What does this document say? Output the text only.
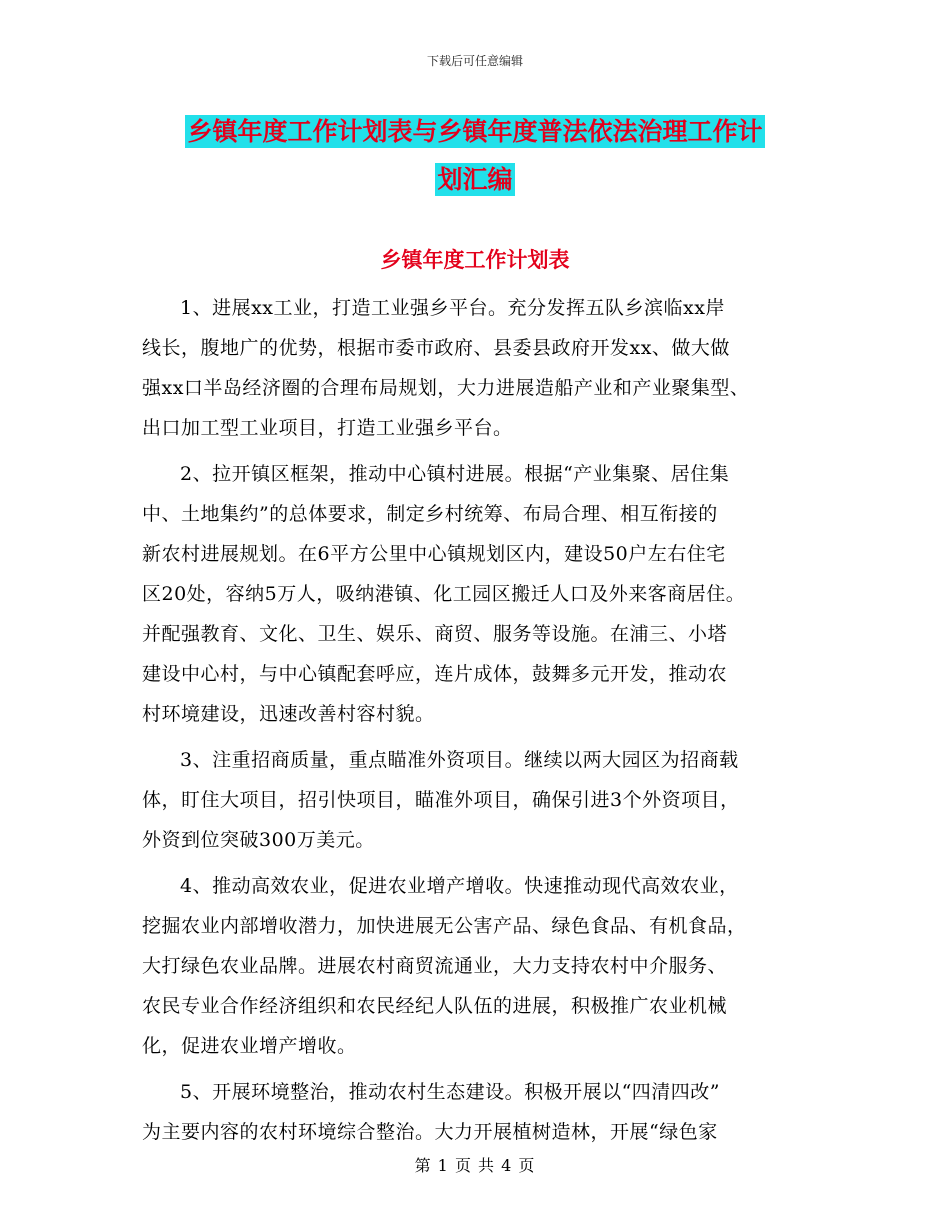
下载后可任意编辑
乡镇年度工作计划表与乡镇年度普法依法治理工作计
划汇编
乡镇年度工作计划表

1、进展xx工业，打造工业强乡平台。充分发挥五队乡滨临xx岸

线长，腹地广的优势，根据市委市政府、县委县政府开发xx、做大做

强xx口半岛经济圈的合理布局规划，大力进展造船产业和产业聚集型、

出口加工型工业项目，打造工业强乡平台。

2、拉开镇区框架，推动中心镇村进展。根据“产业集聚、居住集

中、土地集约”的总体要求，制定乡村统筹、布局合理、相互衔接的

新农村进展规划。在6平方公里中心镇规划区内，建设50户左右住宅

区20处，容纳5万人，吸纳港镇、化工园区搬迁人口及外来客商居住。

并配强教育、文化、卫生、娱乐、商贸、服务等设施。在浦三、小塔

建设中心村，与中心镇配套呼应，连片成体，鼓舞多元开发，推动农

村环境建设，迅速改善村容村貌。

3、注重招商质量，重点瞄准外资项目。继续以两大园区为招商载

体，盯住大项目，招引快项目，瞄准外项目，确保引进3个外资项目，

外资到位突破300万美元。

4、推动高效农业，促进农业增产增收。快速推动现代高效农业，

挖掘农业内部增收潜力，加快进展无公害产品、绿色食品、有机食品，

大打绿色农业品牌。进展农村商贸流通业，大力支持农村中介服务、

农民专业合作经济组织和农民经纪人队伍的进展，积极推广农业机械

化，促进农业增产增收。

5、开展环境整治，推动农村生态建设。积极开展以“四清四改”

为主要内容的农村环境综合整治。大力开展植树造林，开展“绿色家

第 1 页 共 4 页
